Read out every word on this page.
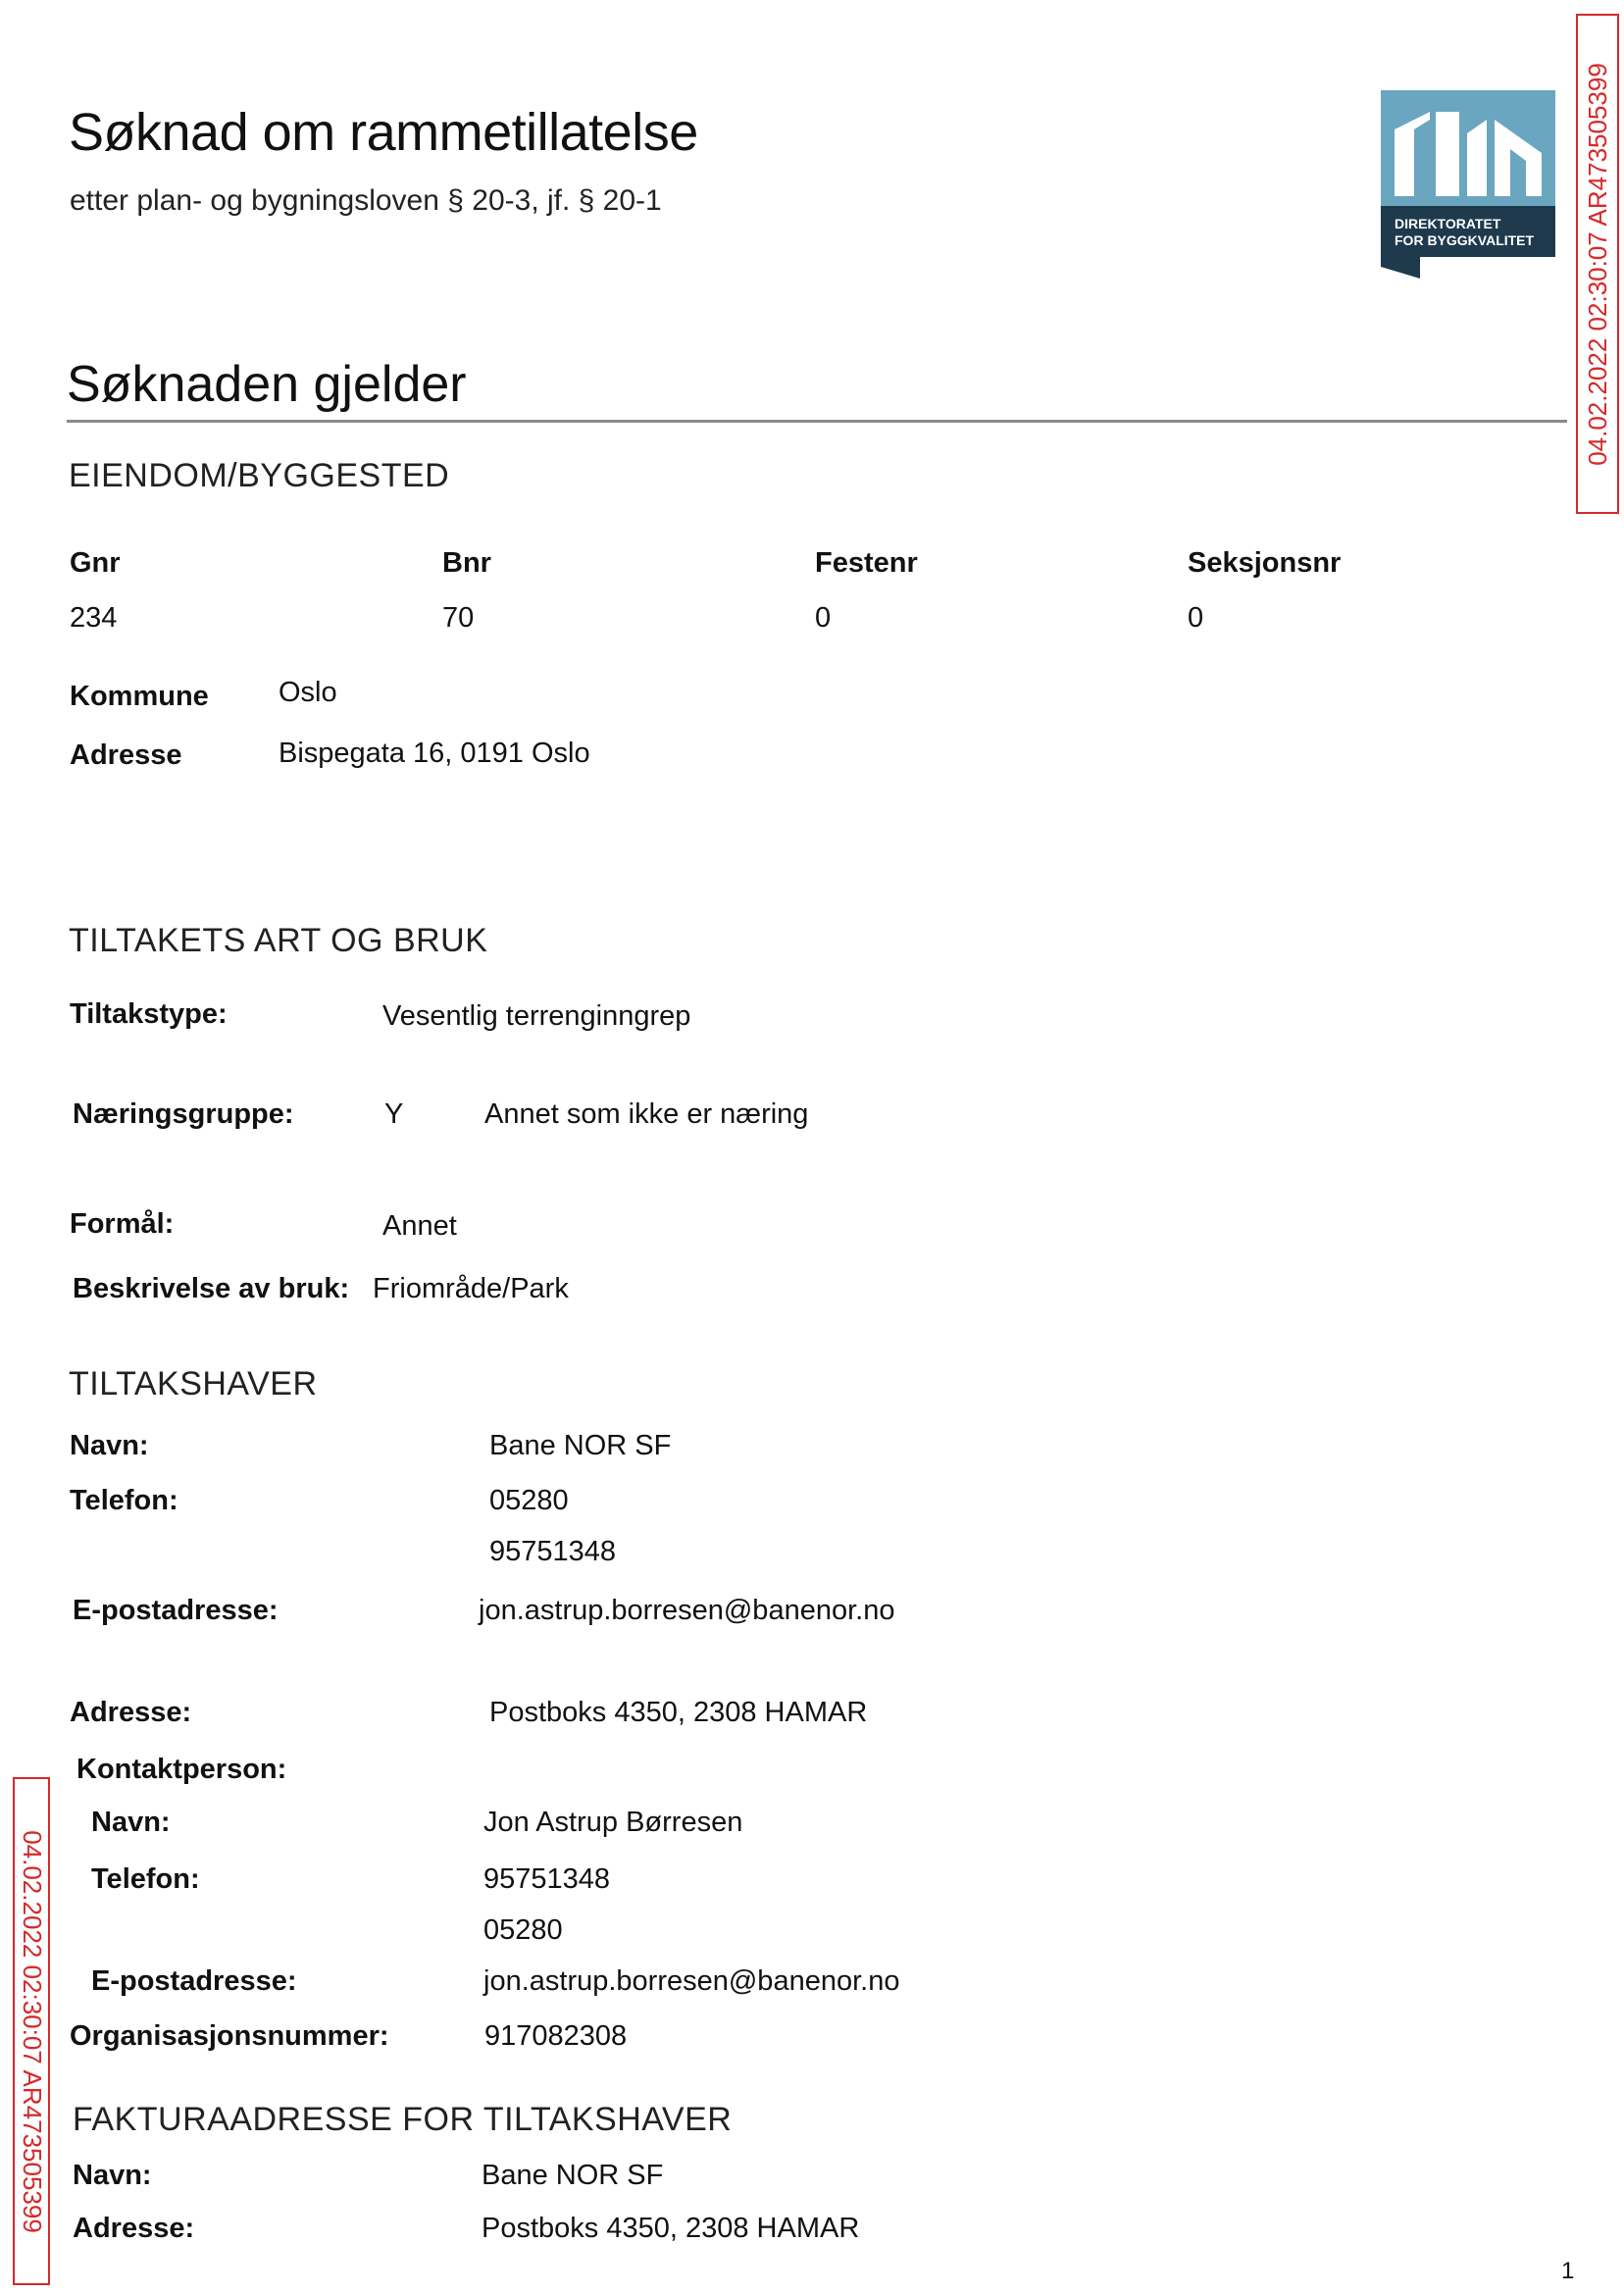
Søknad om rammetillatelse
etter plan- og bygningsloven § 20-3, jf. § 20-1
DIREKTORATET
FOR BYGGKVALITET 04.02.2022 02:30:07 AR473505399
04.02.2022 02:30:07 AR473505399
Søknaden gjelder
EIENDOM/BYGGESTED
Gnr	Bnr	Festenr	Seksjonsnr
234	70	0	0
Kommune Oslo
Adresse	Bispegata 16, 0191 Oslo
TILTAKETS ART OG BRUK
Tiltakstype:	Vesentlig terrenginngrep
Næringsgruppe:	Y	Annet som ikke er næring
Formål:	Annet
Beskrivelse av bruk: Friområde/Park
TILTAKSHAVER
Navn:	Bane NOR SF
Telefon:	05280
95751348
E-postadresse:	jon.astrup.borresen@banenor.no
Adresse:	Postboks 4350, 2308 HAMAR
Kontaktperson:
Navn:	Jon Astrup Børresen
Telefon:	95751348
05280
E-postadresse:	jon.astrup.borresen@banenor.no
Organisasjonsnummer:	917082308
FAKTURAADRESSE FOR TILTAKSHAVER
Navn:	Bane NOR SF
Adresse:	Postboks 4350, 2308 HAMAR
1
